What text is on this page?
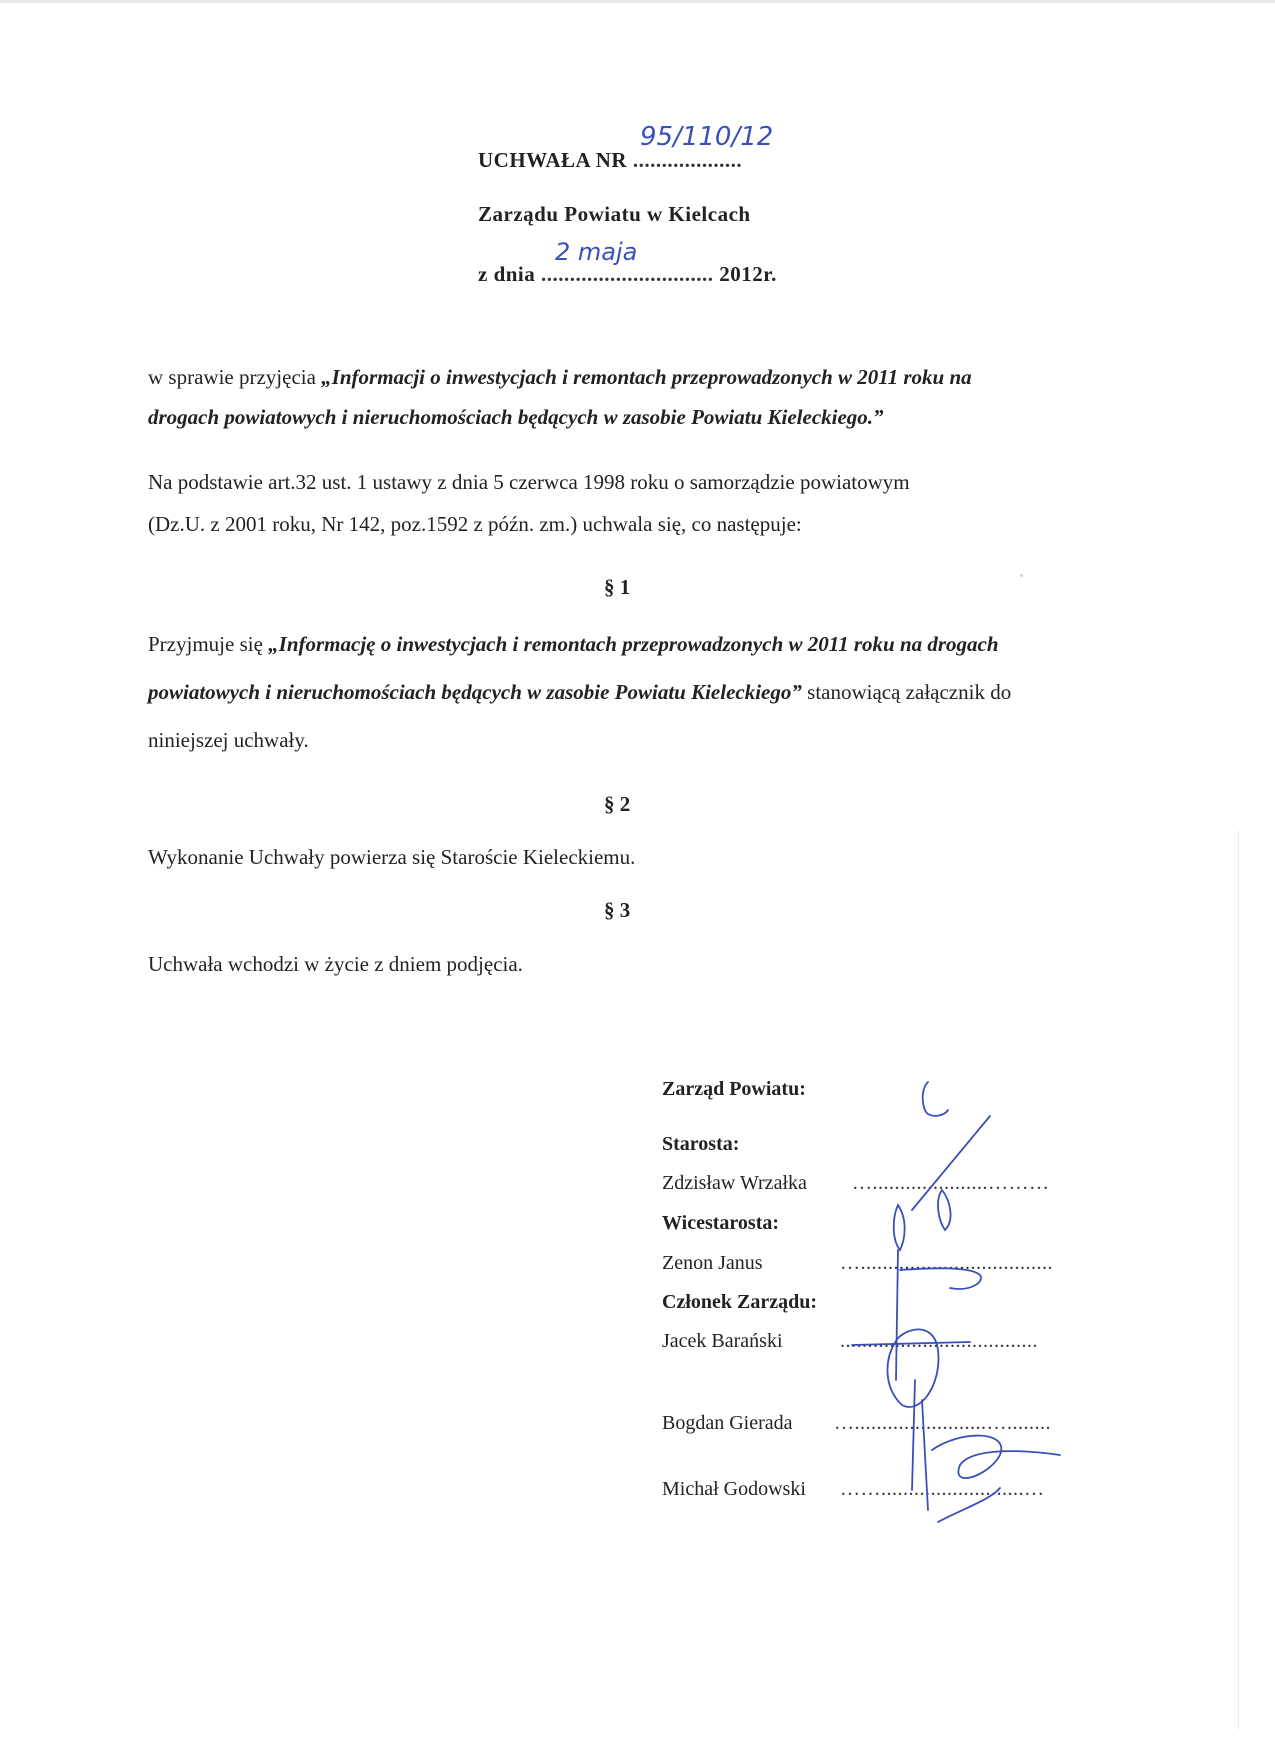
UCHWAŁA NR ...................
95/110/12
Zarządu Powiatu w Kielcach
z dnia .............................. 2012r.
2 maja
w sprawie przyjęcia „Informacji o inwestycjach i remontach przeprowadzonych w 2011 roku na
drogach powiatowych i nieruchomościach będących w zasobie Powiatu Kieleckiego.”
Na podstawie art.32 ust. 1 ustawy z dnia 5 czerwca 1998 roku o samorządzie powiatowym
(Dz.U. z 2001 roku, Nr 142, poz.1592 z późn. zm.) uchwala się, co następuje:
§ 1
Przyjmuje się „Informację o inwestycjach i remontach przeprowadzonych w 2011 roku na drogach
powiatowych i nieruchomościach będących w zasobie Powiatu Kieleckiego” stanowiącą załącznik do
niniejszej uchwały.
§ 2
Wykonanie Uchwały powierza się Staroście Kieleckiemu.
§ 3
Uchwała wchodzi w życie z dniem podjęcia.
Zarząd Powiatu:
Starosta:
Zdzisław Wrzałka ….....................………
Wicestarosta:
Zenon Janus	…...................................
Członek Zarządu:
Jacek Barański	....................................
Bogdan Gierada …........................…........
Michał Godowski ……..........................…
